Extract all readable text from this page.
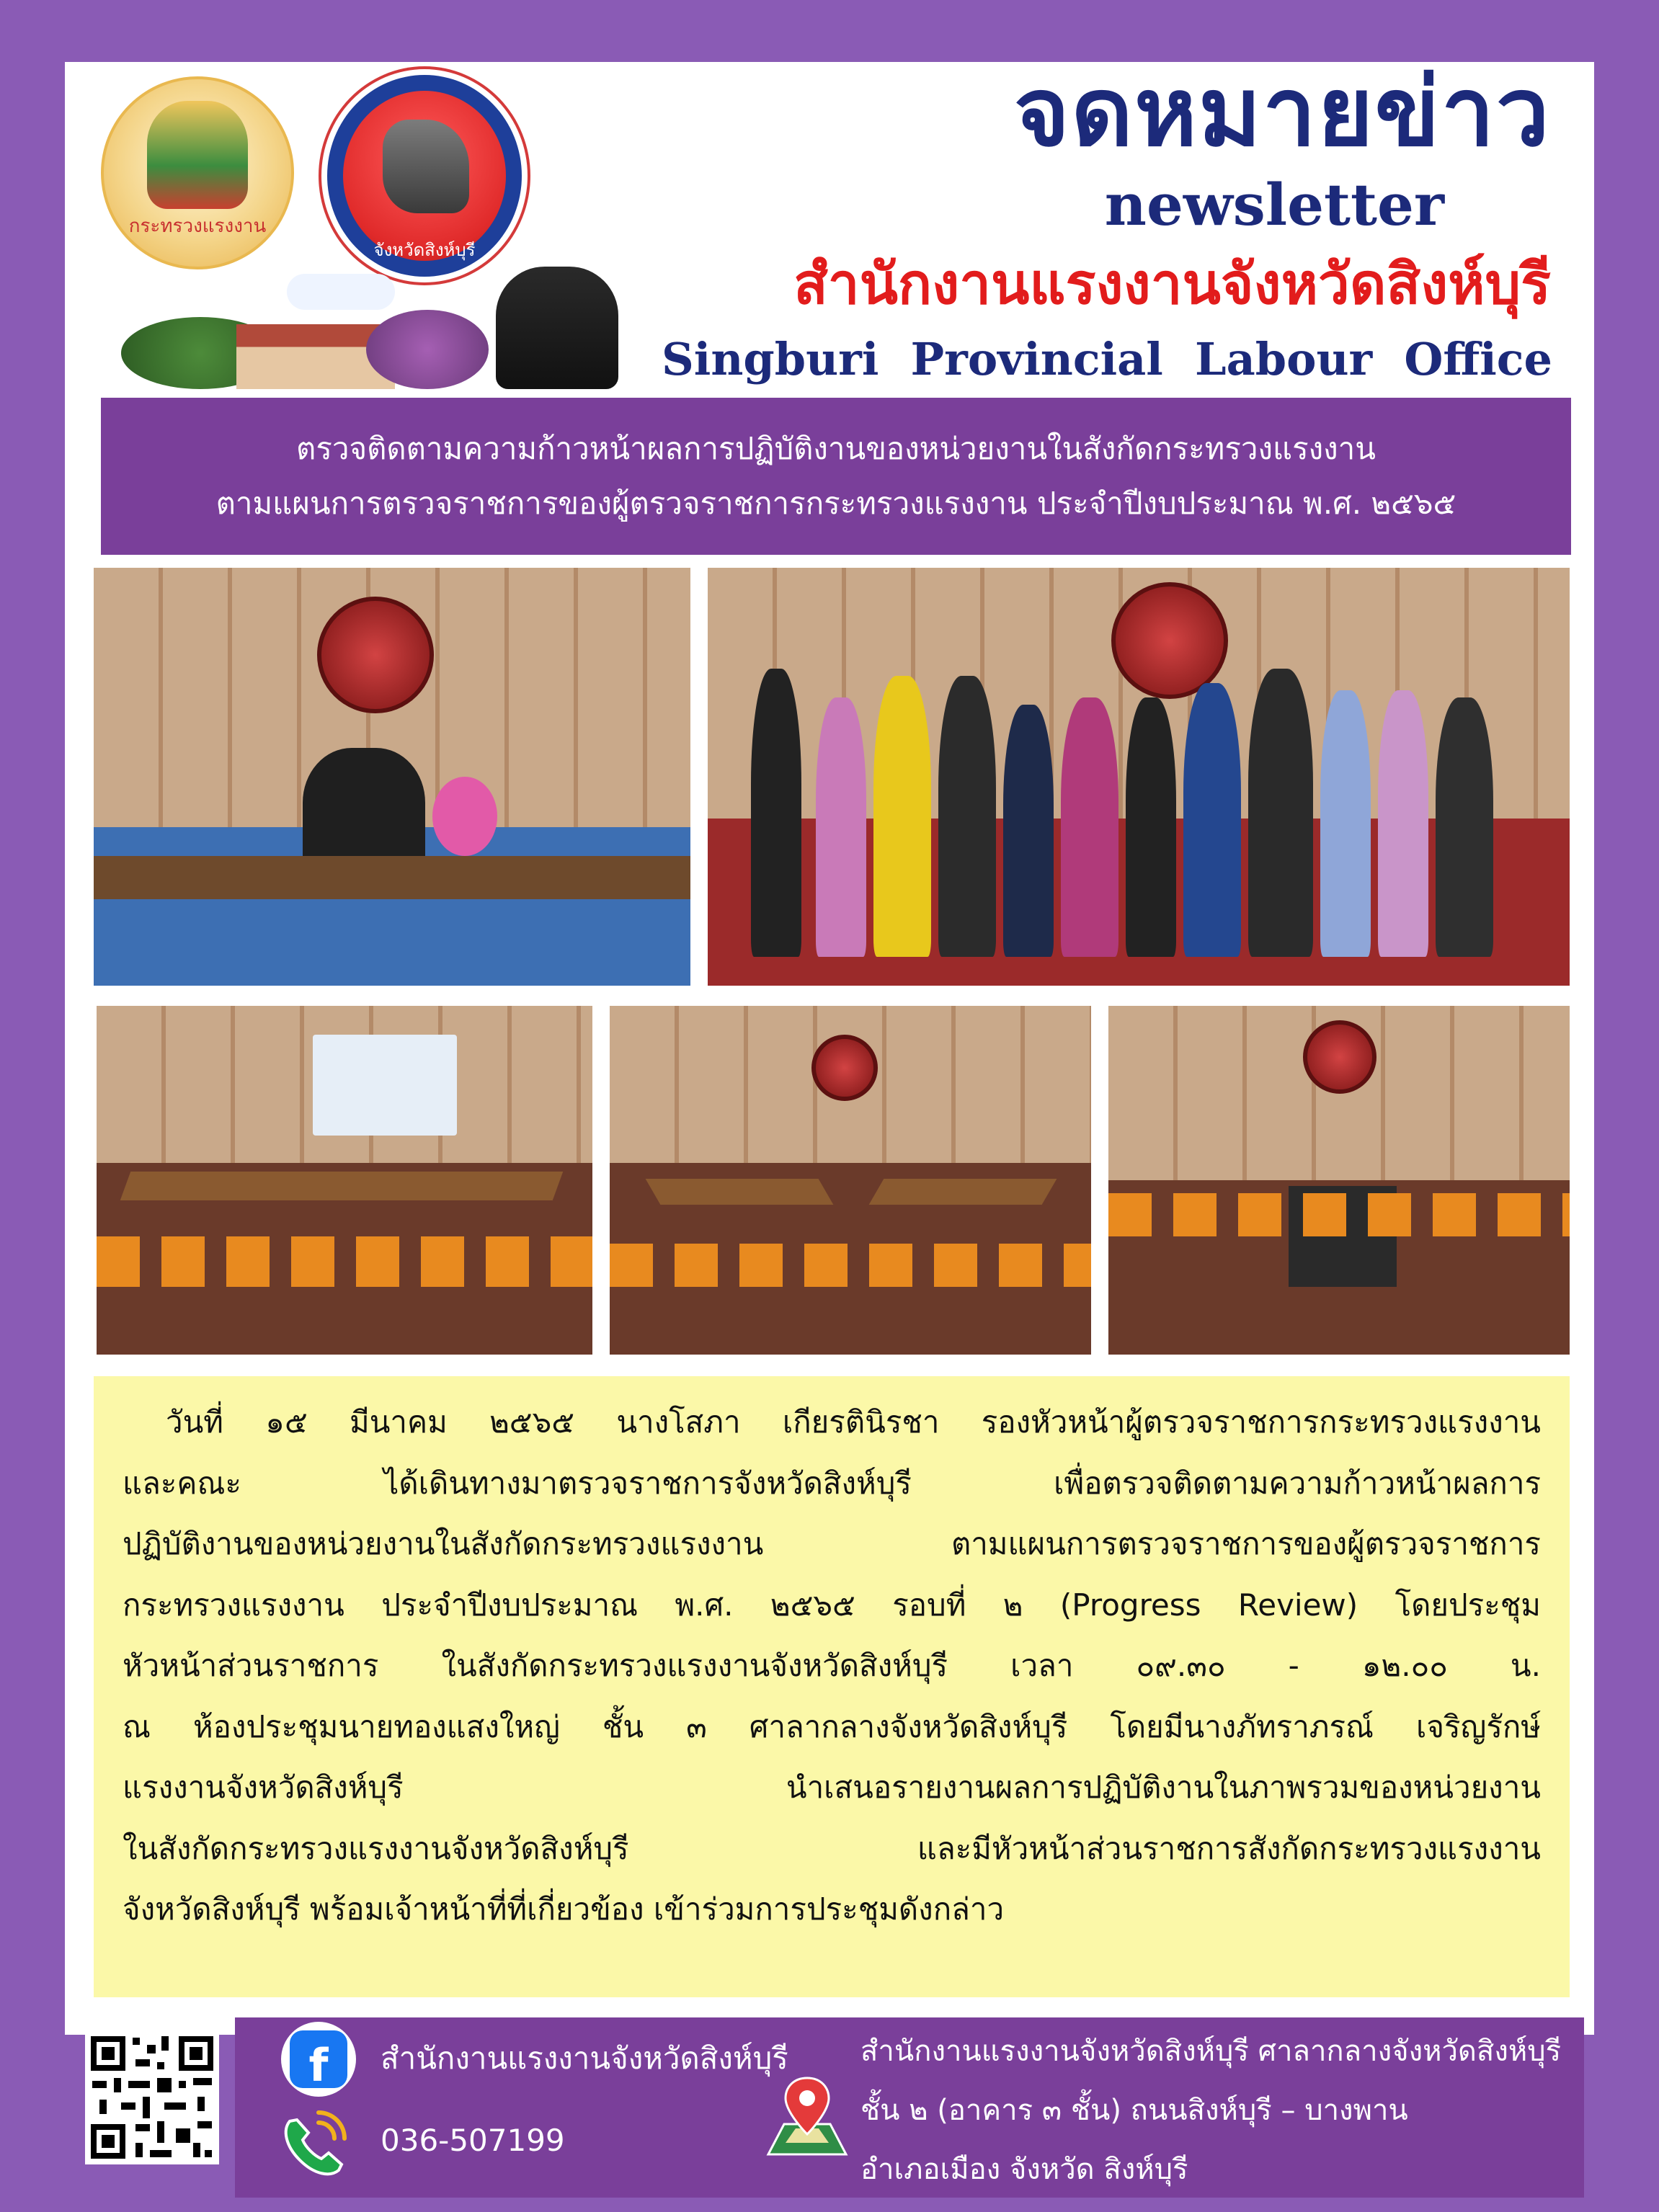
กระทรวงแรงงาน
จังหวัดสิงห์บุรี
จดหมายข่าว
newsletter
สำนักงานแรงงานจังหวัดสิงห์บุรี
Singburi Provincial Labour Office
ตรวจติดตามความก้าวหน้าผลการปฏิบัติงานของหน่วยงานในสังกัดกระทรวงแรงงาน
ตามแผนการตรวจราชการของผู้ตรวจราชการกระทรวงแรงงาน ประจำปีงบประมาณ พ.ศ. ๒๕๖๕
วันที่ ๑๕ มีนาคม ๒๕๖๕ นางโสภา เกียรตินิรชา รองหัวหน้าผู้ตรวจราชการกระทรวงแรงงาน
และคณะ ได้เดินทางมาตรวจราชการจังหวัดสิงห์บุรี เพื่อตรวจติดตามความก้าวหน้าผลการ
ปฏิบัติงานของหน่วยงานในสังกัดกระทรวงแรงงาน ตามแผนการตรวจราชการของผู้ตรวจราชการ
กระทรวงแรงงาน ประจำปีงบประมาณ พ.ศ. ๒๕๖๕ รอบที่ ๒ (Progress Review) โดยประชุม
หัวหน้าส่วนราชการ ในสังกัดกระทรวงแรงงานจังหวัดสิงห์บุรี เวลา ๐๙.๓๐ - ๑๒.๐๐ น.
ณ ห้องประชุมนายทองแสงใหญ่ ชั้น ๓ ศาลากลางจังหวัดสิงห์บุรี โดยมีนางภัทราภรณ์ เจริญรักษ์
แรงงานจังหวัดสิงห์บุรี นำเสนอรายงานผลการปฏิบัติงานในภาพรวมของหน่วยงาน
ในสังกัดกระทรวงแรงงานจังหวัดสิงห์บุรี และมีหัวหน้าส่วนราชการสังกัดกระทรวงแรงงาน
จังหวัดสิงห์บุรี พร้อมเจ้าหน้าที่ที่เกี่ยวข้อง เข้าร่วมการประชุมดังกล่าว
f	สำนักงานแรงงานจังหวัดสิงห์บุรี
036-507199
สำนักงานแรงงานจังหวัดสิงห์บุรี ศาลากลางจังหวัดสิงห์บุรี
ชั้น ๒ (อาคาร ๓ ชั้น) ถนนสิงห์บุรี – บางพาน
อำเภอเมือง จังหวัด สิงห์บุรี
